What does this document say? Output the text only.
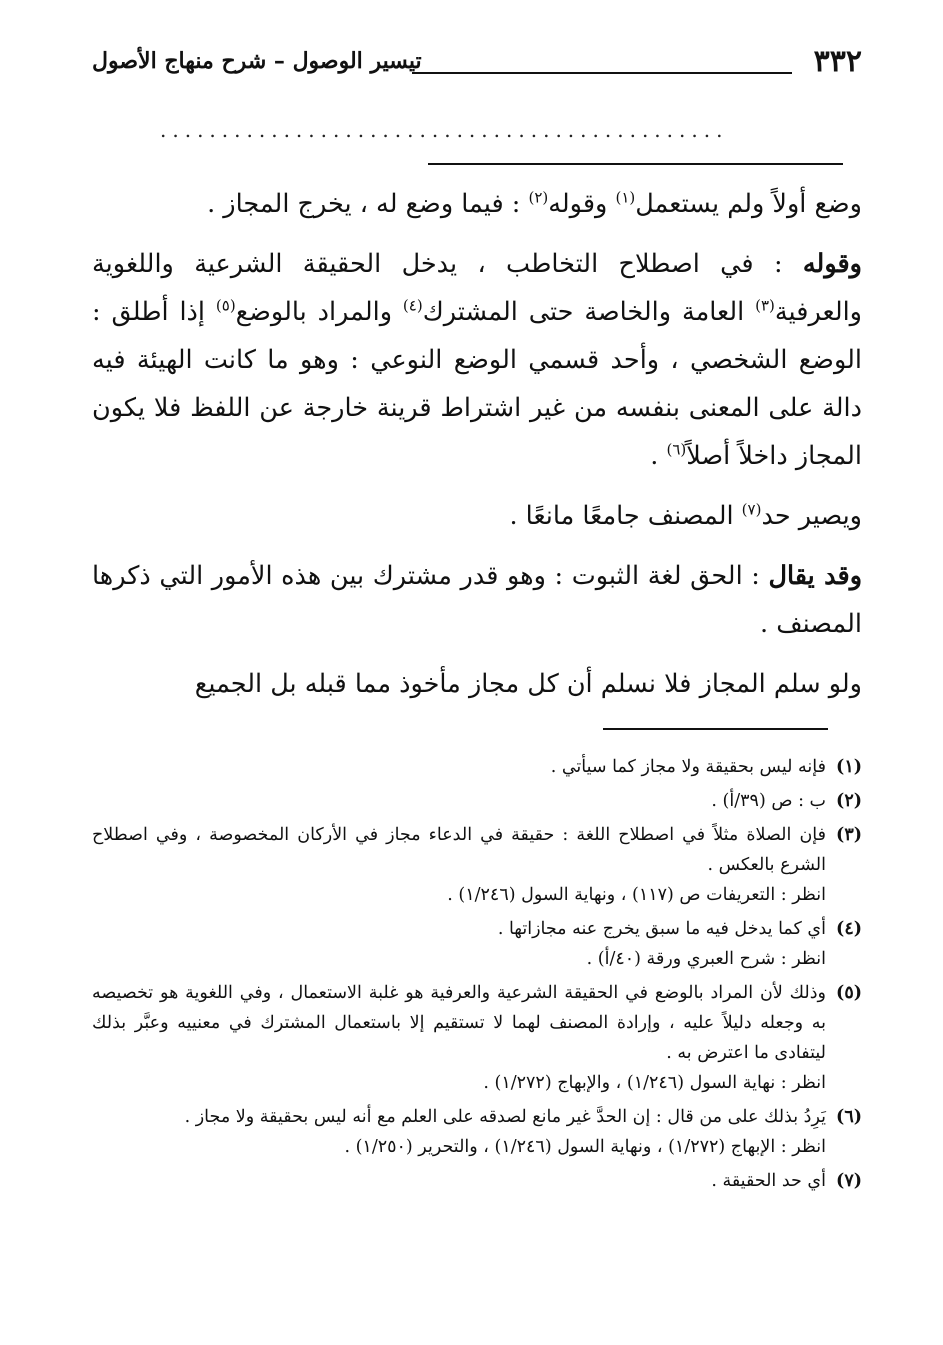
٣٣٢
تيسير الوصول – شرح منهاج الأصول
..............................................

وضع أولاً ولم يستعمل$^{(١)}$ وقوله$^{(٢)}$ : فيما وضع له ، يخرج المجاز .

وقوله : في اصطلاح التخاطب ، يدخل الحقيقة الشرعية واللغوية والعرفية$^{(٣)}$ العامة والخاصة حتى المشترك$^{(٤)}$ والمراد بالوضع$^{(٥)}$ إذا أطلق : الوضع الشخصي ، وأحد قسمي الوضع النوعي : وهو ما كانت الهيئة فيه دالة على المعنى بنفسه من غير اشتراط قرينة خارجة عن اللفظ فلا يكون المجاز داخلاً أصلاً$^{(٦)}$ .

ويصير حد$^{(٧)}$ المصنف جامعًا مانعًا .

وقد يقال : الحق لغة الثبوت : وهو قدر مشترك بين هذه الأمور التي ذكرها المصنف .

ولو سلم المجاز فلا نسلم أن كل مجاز مأخوذ مما قبله بل الجميع

(١)
فإنه ليس بحقيقة ولا مجاز كما سيأتي .
(٢)
ب : ص (٣٩/أ) .
(٣)
فإن الصلاة مثلاً في اصطلاح اللغة : حقيقة في الدعاء مجاز في الأركان المخصوصة ، وفي اصطلاح الشرع بالعكس .
انظر : التعريفات ص (١١٧) ، ونهاية السول (١/٢٤٦) .
(٤)
أي كما يدخل فيه ما سبق يخرج عنه مجازاتها .
انظر : شرح العبري ورقة (٤٠/أ) .
(٥)
وذلك لأن المراد بالوضع في الحقيقة الشرعية والعرفية هو غلبة الاستعمال ، وفي اللغوية هو تخصيصه به وجعله دليلاً عليه ، وإرادة المصنف لهما لا تستقيم إلا باستعمال المشترك في معنييه وعبَّر بذلك ليتفادى ما اعترض به .
انظر : نهاية السول (١/٢٤٦) ، والإبهاج (١/٢٧٢) .
(٦)
يَرِدُ بذلك على من قال : إن الحدَّ غير مانع لصدقه على العلم مع أنه ليس بحقيقة ولا مجاز .
انظر : الإبهاج (١/٢٧٢) ، ونهاية السول (١/٢٤٦) ، والتحرير (١/٢٥٠) .
(٧)
أي حد الحقيقة .
